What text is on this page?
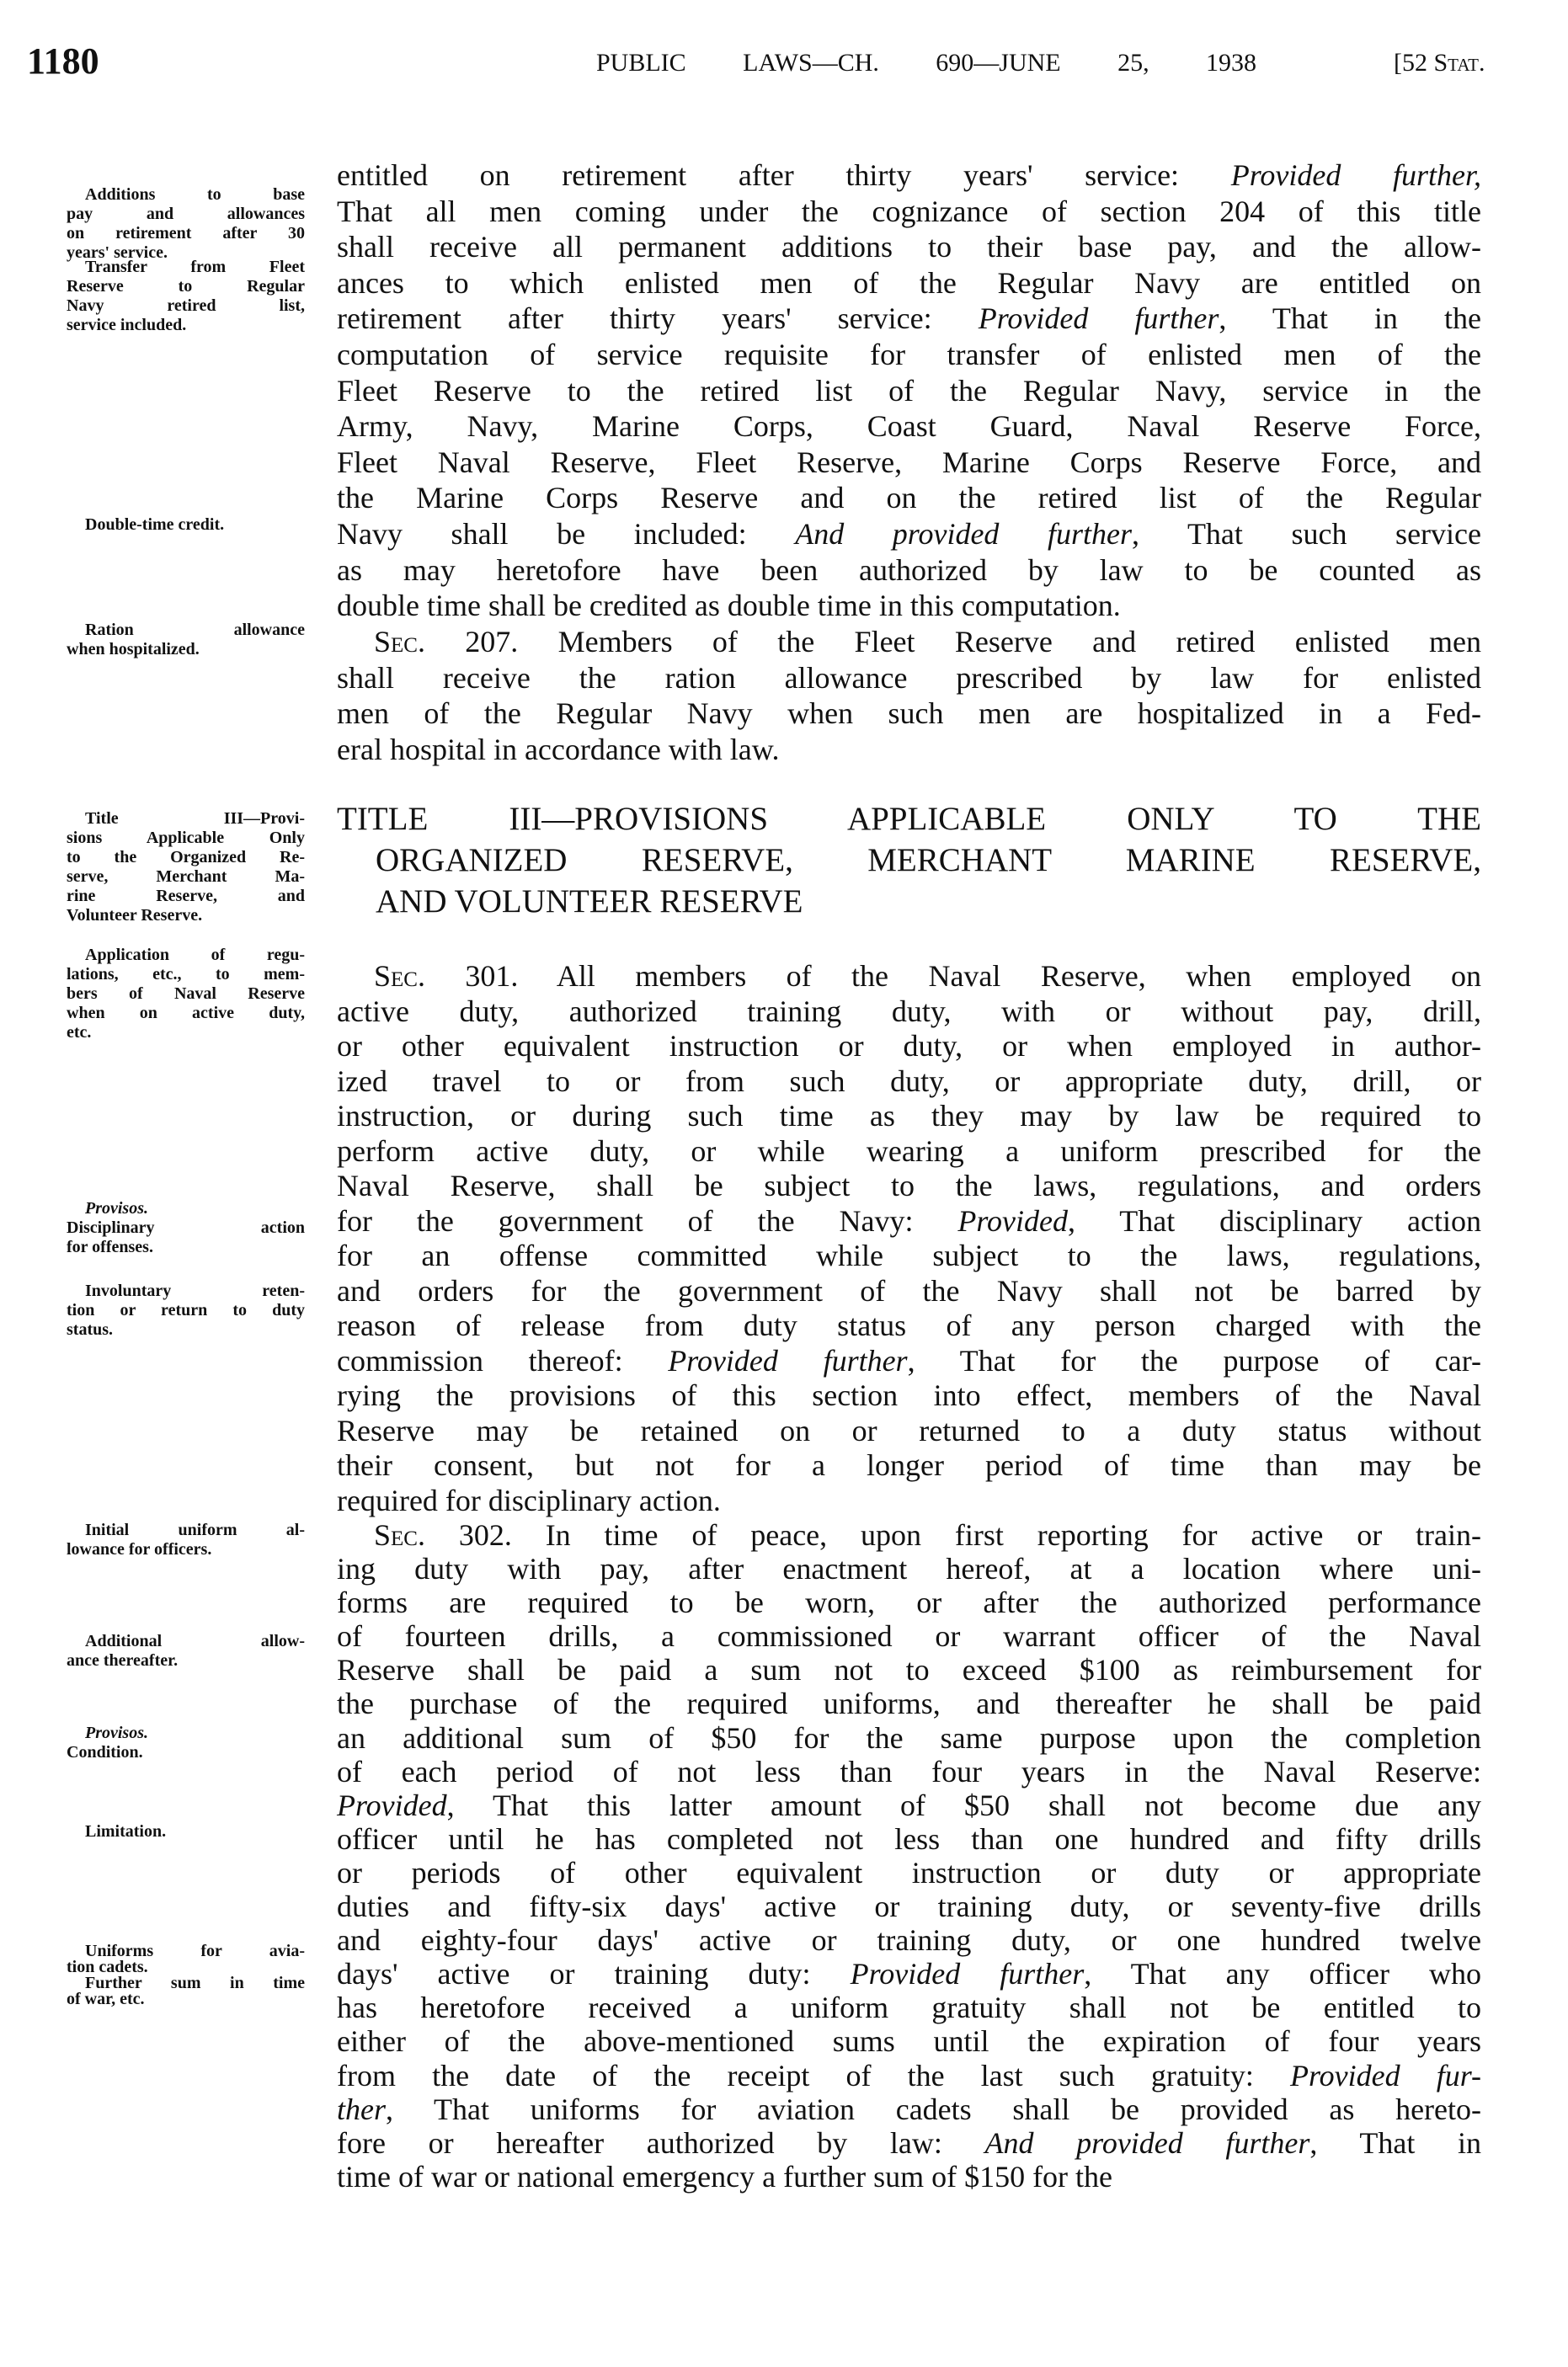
1180	PUBLIC LAWS—CH. 690—JUNE 25, 1938	[52 Stat.
entitled on retirement after thirty years' service: Provided further,
That all men coming under the cognizance of section 204 of this title
shall receive all permanent additions to their base pay, and the allow-
ances to which enlisted men of the Regular Navy are entitled on
retirement after thirty years' service: Provided further, That in the
computation of service requisite for transfer of enlisted men of the
Fleet Reserve to the retired list of the Regular Navy, service in the
Army, Navy, Marine Corps, Coast Guard, Naval Reserve Force,
Fleet Naval Reserve, Fleet Reserve, Marine Corps Reserve Force, and
the Marine Corps Reserve and on the retired list of the Regular
Navy shall be included: And provided further, That such service
as may heretofore have been authorized by law to be counted as
double time shall be credited as double time in this computation.
Sec. 207. Members of the Fleet Reserve and retired enlisted men
shall receive the ration allowance prescribed by law for enlisted
men of the Regular Navy when such men are hospitalized in a Fed-
eral hospital in accordance with law.
TITLE III—PROVISIONS APPLICABLE ONLY TO THE
ORGANIZED RESERVE, MERCHANT MARINE RESERVE,
AND VOLUNTEER RESERVE
Sec. 301. All members of the Naval Reserve, when employed on
active duty, authorized training duty, with or without pay, drill,
or other equivalent instruction or duty, or when employed in author-
ized travel to or from such duty, or appropriate duty, drill, or
instruction, or during such time as they may by law be required to
perform active duty, or while wearing a uniform prescribed for the
Naval Reserve, shall be subject to the laws, regulations, and orders
for the government of the Navy: Provided, That disciplinary action
for an offense committed while subject to the laws, regulations,
and orders for the government of the Navy shall not be barred by
reason of release from duty status of any person charged with the
commission thereof: Provided further, That for the purpose of car-
rying the provisions of this section into effect, members of the Naval
Reserve may be retained on or returned to a duty status without
their consent, but not for a longer period of time than may be
required for disciplinary action.
Sec. 302. In time of peace, upon first reporting for active or train-
ing duty with pay, after enactment hereof, at a location where uni-
forms are required to be worn, or after the authorized performance
of fourteen drills, a commissioned or warrant officer of the Naval
Reserve shall be paid a sum not to exceed $100 as reimbursement for
the purchase of the required uniforms, and thereafter he shall be paid
an additional sum of $50 for the same purpose upon the completion
of each period of not less than four years in the Naval Reserve:
Provided, That this latter amount of $50 shall not become due any
officer until he has completed not less than one hundred and fifty drills
or periods of other equivalent instruction or duty or appropriate
duties and fifty-six days' active or training duty, or seventy-five drills
and eighty-four days' active or training duty, or one hundred twelve
days' active or training duty: Provided further, That any officer who
has heretofore received a uniform gratuity shall not be entitled to
either of the above-mentioned sums until the expiration of four years
from the date of the receipt of the last such gratuity: Provided fur-
ther, That uniforms for aviation cadets shall be provided as hereto-
fore or hereafter authorized by law: And provided further, That in
time of war or national emergency a further sum of $150 for the
Additions to base
pay and allowances
on retirement after 30
years' service.
Transfer from Fleet
Reserve to Regular
Navy retired list,
service included.
Double-time credit.
Ration allowance
when hospitalized.
Title III—Provi-
sions Applicable Only
to the Organized Re-
serve, Merchant Ma-
rine Reserve, and
Volunteer Reserve.
Application of regu-
lations, etc., to mem-
bers of Naval Reserve
when on active duty,
etc.
Provisos.
Disciplinary action
for offenses.
Involuntary reten-
tion or return to duty
status.
Initial uniform al-
lowance for officers.
Additional allow-
ance thereafter.
Provisos.
Condition.
Limitation.
Uniforms for avia-
tion cadets.
Further sum in time
of war, etc.
